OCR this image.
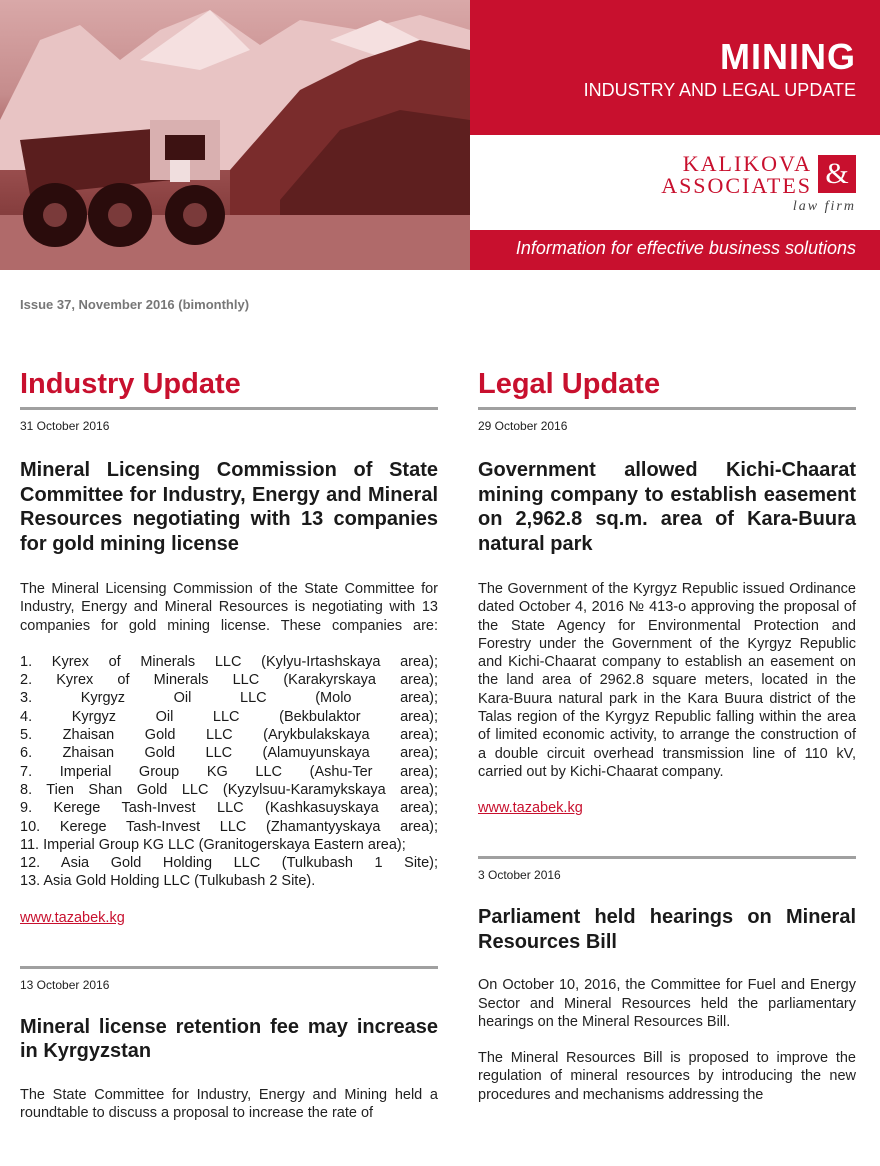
MINING
INDUSTRY AND LEGAL UPDATE
KALIKOVA
ASSOCIATES &
law firm
Information for effective business solutions
Issue 37, November 2016 (bimonthly)
Industry Update
31 October 2016
Mineral Licensing Commission of State Committee for Industry, Energy and Mineral Resources negotiating with 13 companies for gold mining license

The Mineral Licensing Commission of the State Committee for Industry, Energy and Mineral Resources is negotiating with 13 companies for gold mining license. These companies are:

1. Kyrex of Minerals LLC (Kylyu-Irtashskaya area);
2. Kyrex of Minerals LLC (Karakyrskaya area);
3. Kyrgyz Oil LLC (Molo area);
4. Kyrgyz Oil LLC (Bekbulaktor area);
5. Zhaisan Gold LLC (Arykbulakskaya area);
6. Zhaisan Gold LLC (Alamuyunskaya area);
7. Imperial Group KG LLC (Ashu-Ter area);
8. Tien Shan Gold LLC (Kyzylsuu-Karamykskaya area);
9. Kerege Tash-Invest LLC (Kashkasuyskaya area);
10. Kerege Tash-Invest LLC (Zhamantyyskaya area);
11. Imperial Group KG LLC (Granitogerskaya Eastern area);
12. Asia Gold Holding LLC (Tulkubash 1 Site);
13. Asia Gold Holding LLC (Tulkubash 2 Site).
www.tazabek.kg
13 October 2016
Mineral license retention fee may increase in Kyrgyzstan

The State Committee for Industry, Energy and Mining held a roundtable to discuss a proposal to increase the rate of

Legal Update
29 October 2016
Government allowed Kichi-Chaarat mining company to establish easement on 2,962.8 sq.m. area of Kara-Buura natural park

The Government of the Kyrgyz Republic issued Ordinance dated October 4, 2016 № 413-o approving the proposal of the State Agency for Environmental Protection and Forestry under the Government of the Kyrgyz Republic and Kichi-Chaarat company to establish an easement on the land area of 2962.8 square meters, located in the Kara-Buura natural park in the Kara Buura district of the Talas region of the Kyrgyz Republic falling within the area of limited economic activity, to arrange the construction of a double circuit overhead transmission line of 110 kV, carried out by Kichi-Chaarat company.

www.tazabek.kg
3 October 2016
Parliament held hearings on Mineral Resources Bill

On October 10, 2016, the Committee for Fuel and Energy Sector and Mineral Resources held the parliamentary hearings on the Mineral Resources Bill.

The Mineral Resources Bill is proposed to improve the regulation of mineral resources by introducing the new procedures and mechanisms addressing the
